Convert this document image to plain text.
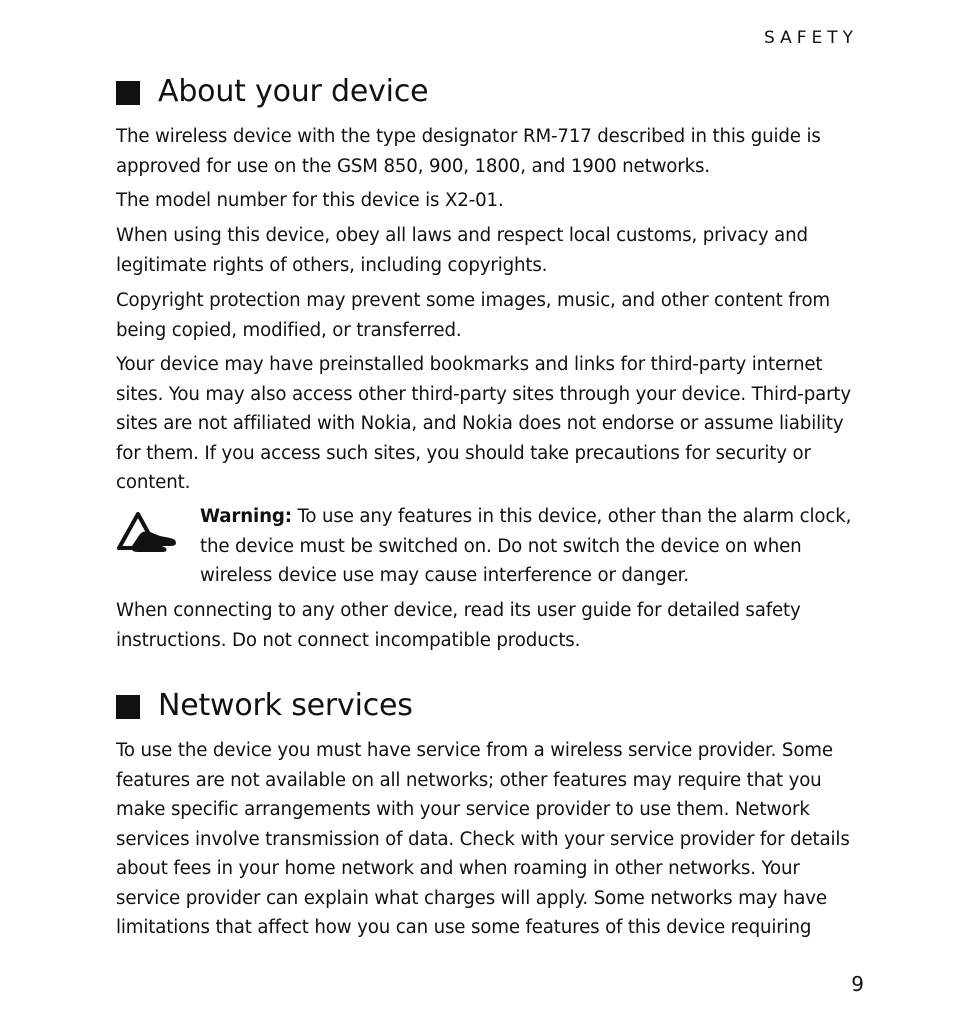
SAFETY
About your device

The wireless device with the type designator RM-717 described in this guide is approved for use on the GSM 850, 900, 1800, and 1900 networks.

The model number for this device is X2-01.

When using this device, obey all laws and respect local customs, privacy and legitimate rights of others, including copyrights.

Copyright protection may prevent some images, music, and other content from being copied, modified, or transferred.

Your device may have preinstalled bookmarks and links for third-party internet sites. You may also access other third-party sites through your device. Third-party sites are not affiliated with Nokia, and Nokia does not endorse or assume liability for them. If you access such sites, you should take precautions for security or content.

Warning: To use any features in this device, other than the alarm clock, the device must be switched on. Do not switch the device on when wireless device use may cause interference or danger.

When connecting to any other device, read its user guide for detailed safety instructions. Do not connect incompatible products.

Network services

To use the device you must have service from a wireless service provider. Some features are not available on all networks; other features may require that you make specific arrangements with your service provider to use them. Network services involve transmission of data. Check with your service provider for details about fees in your home network and when roaming in other networks. Your service provider can explain what charges will apply. Some networks may have limitations that affect how you can use some features of this device requiring

9
